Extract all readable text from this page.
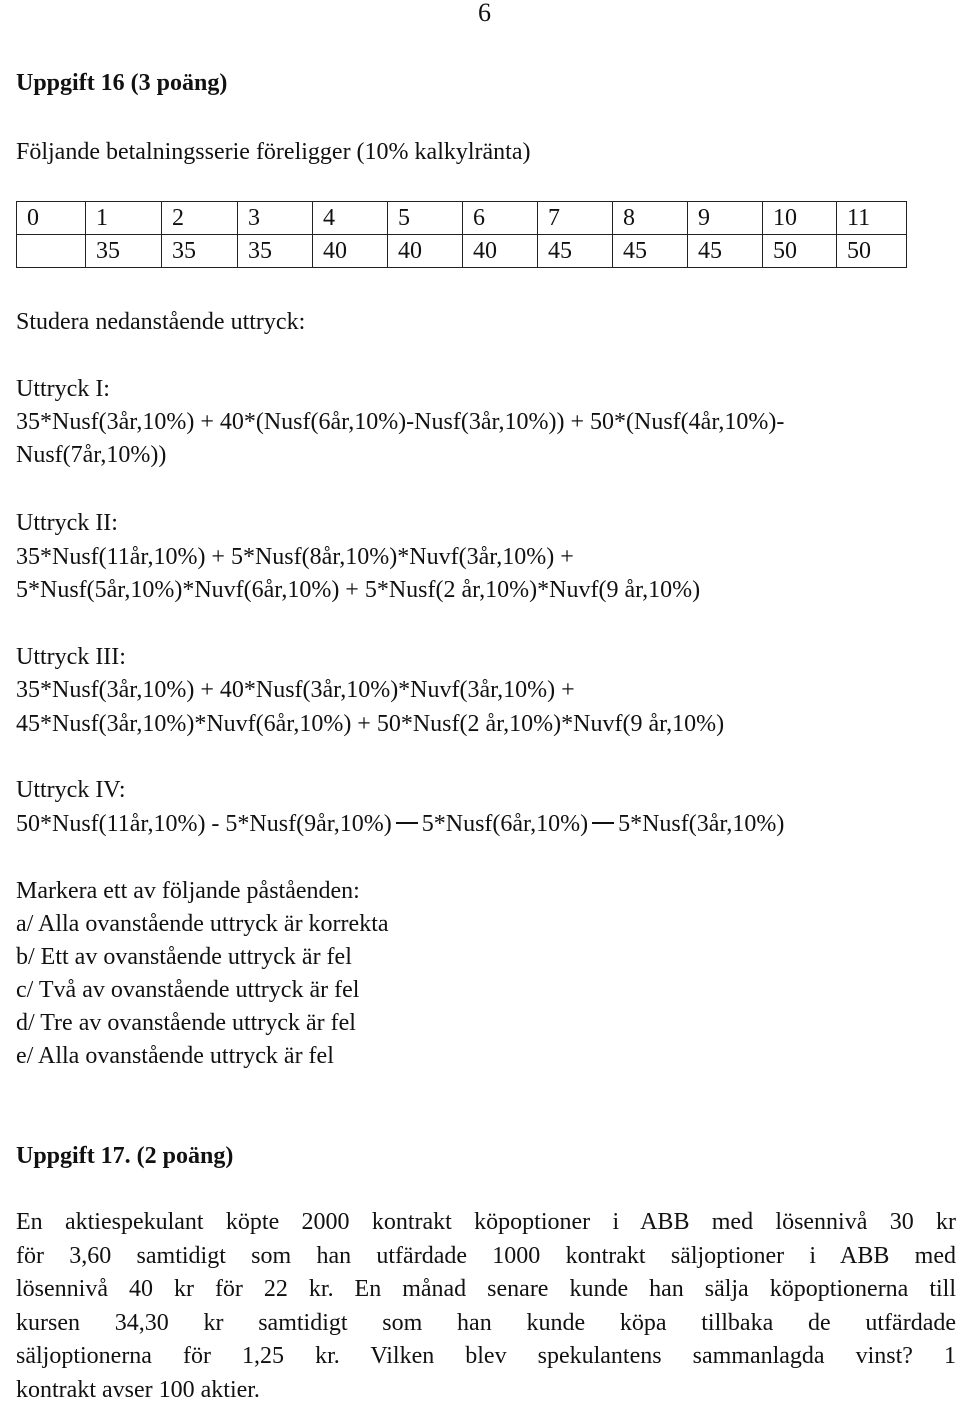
6
Uppgift 16 (3 poäng)
Följande betalningsserie föreligger (10% kalkylränta)
0	1	2	3	4	5	6	7	8	9	10	11
	35	35	35	40	40	40	45	45	45	50	50
Studera nedanstående uttryck:
Uttryck I:
35*Nusf(3år,10%) + 40*(Nusf(6år,10%)-Nusf(3år,10%)) + 50*(Nusf(4år,10%)-
Nusf(7år,10%))
Uttryck II:
35*Nusf(11år,10%) + 5*Nusf(8år,10%)*Nuvf(3år,10%) +
5*Nusf(5år,10%)*Nuvf(6år,10%) + 5*Nusf(2 år,10%)*Nuvf(9 år,10%)
Uttryck III:
35*Nusf(3år,10%) + 40*Nusf(3år,10%)*Nuvf(3år,10%) +
45*Nusf(3år,10%)*Nuvf(6år,10%) + 50*Nusf(2 år,10%)*Nuvf(9 år,10%)
Uttryck IV:
50*Nusf(11år,10%) - 5*Nusf(9år,10%) 5*Nusf(6år,10%) 5*Nusf(3år,10%)
Markera ett av följande påståenden:
a/ Alla ovanstående uttryck är korrekta
b/ Ett av ovanstående uttryck är fel
c/ Två av ovanstående uttryck är fel
d/ Tre av ovanstående uttryck är fel
e/ Alla ovanstående uttryck är fel
Uppgift 17. (2 poäng)
En aktiespekulant köpte 2000 kontrakt köpoptioner i ABB med lösennivå 30 kr
för 3,60 samtidigt som han utfärdade 1000 kontrakt säljoptioner i ABB med
lösennivå 40 kr för 22 kr. En månad senare kunde han sälja köpoptionerna till
kursen 34,30 kr samtidigt som han kunde köpa tillbaka de utfärdade
säljoptionerna för 1,25 kr. Vilken blev spekulantens sammanlagda vinst? 1
kontrakt avser 100 aktier.
